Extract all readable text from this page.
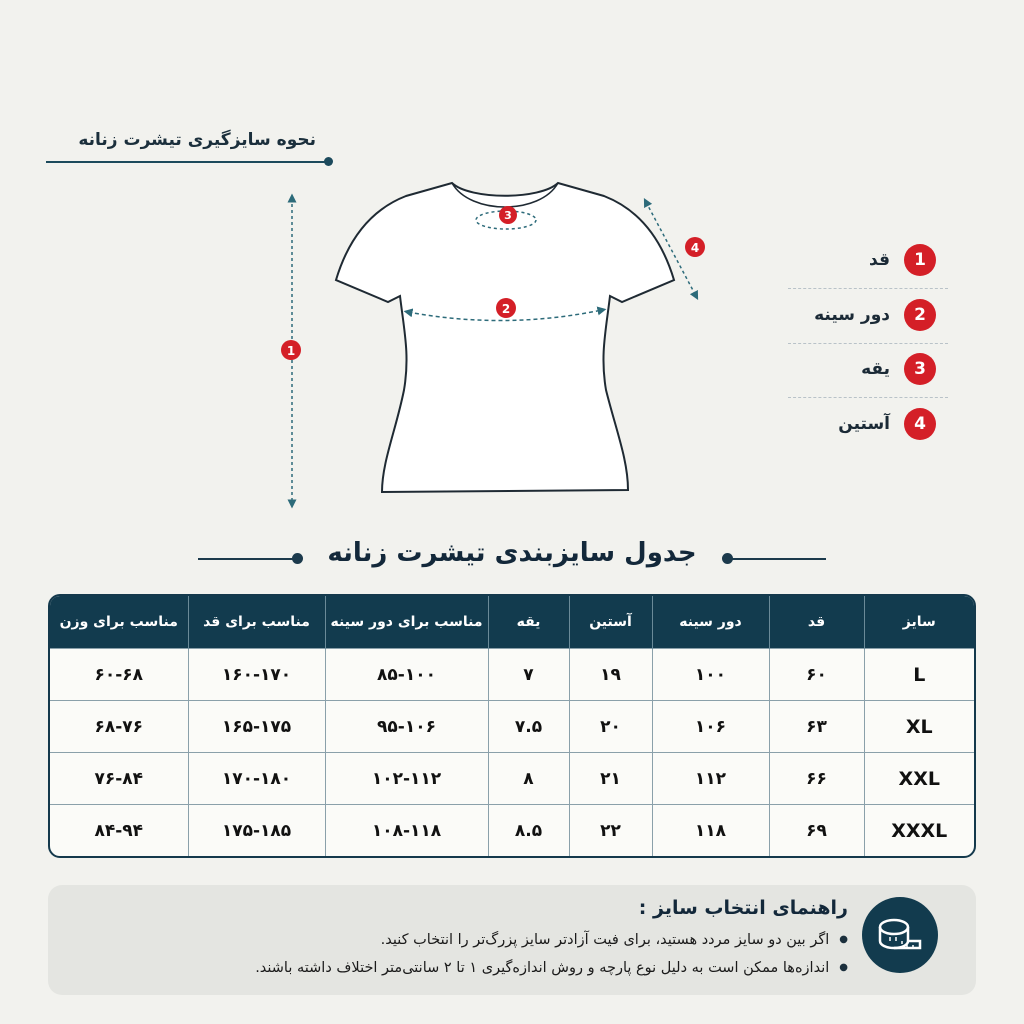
نحوه سایزگیری تیشرت زنانه
1
2
3
4
قد	1
دور سینه	2
یقه	3
آستین	4
جدول سایزبندی تیشرت زنانه
سایز	قد	دور سینه	آستین	یقه	مناسب برای دور سینه	مناسب برای قد	مناسب برای وزن
L	۶۰	۱۰۰	۱۹	۷	۸۵-۱۰۰	۱۶۰-۱۷۰	۶۰-۶۸
XL	۶۳	۱۰۶	۲۰	۷.۵	۹۵-۱۰۶	۱۶۵-۱۷۵	۶۸-۷۶
XXL	۶۶	۱۱۲	۲۱	۸	۱۰۲-۱۱۲	۱۷۰-۱۸۰	۷۶-۸۴
XXXL	۶۹	۱۱۸	۲۲	۸.۵	۱۰۸-۱۱۸	۱۷۵-۱۸۵	۸۴-۹۴
راهنمای انتخاب سایز :
● اگر بین دو سایز مردد هستید، برای فیت آزادتر سایز پزرگ‌تر را انتخاب کنید.
● اندازه‌ها ممکن است به دلیل نوع پارچه و روش اندازه‌گیری ۱ تا ۲ سانتی‌متر اختلاف داشته باشند.
